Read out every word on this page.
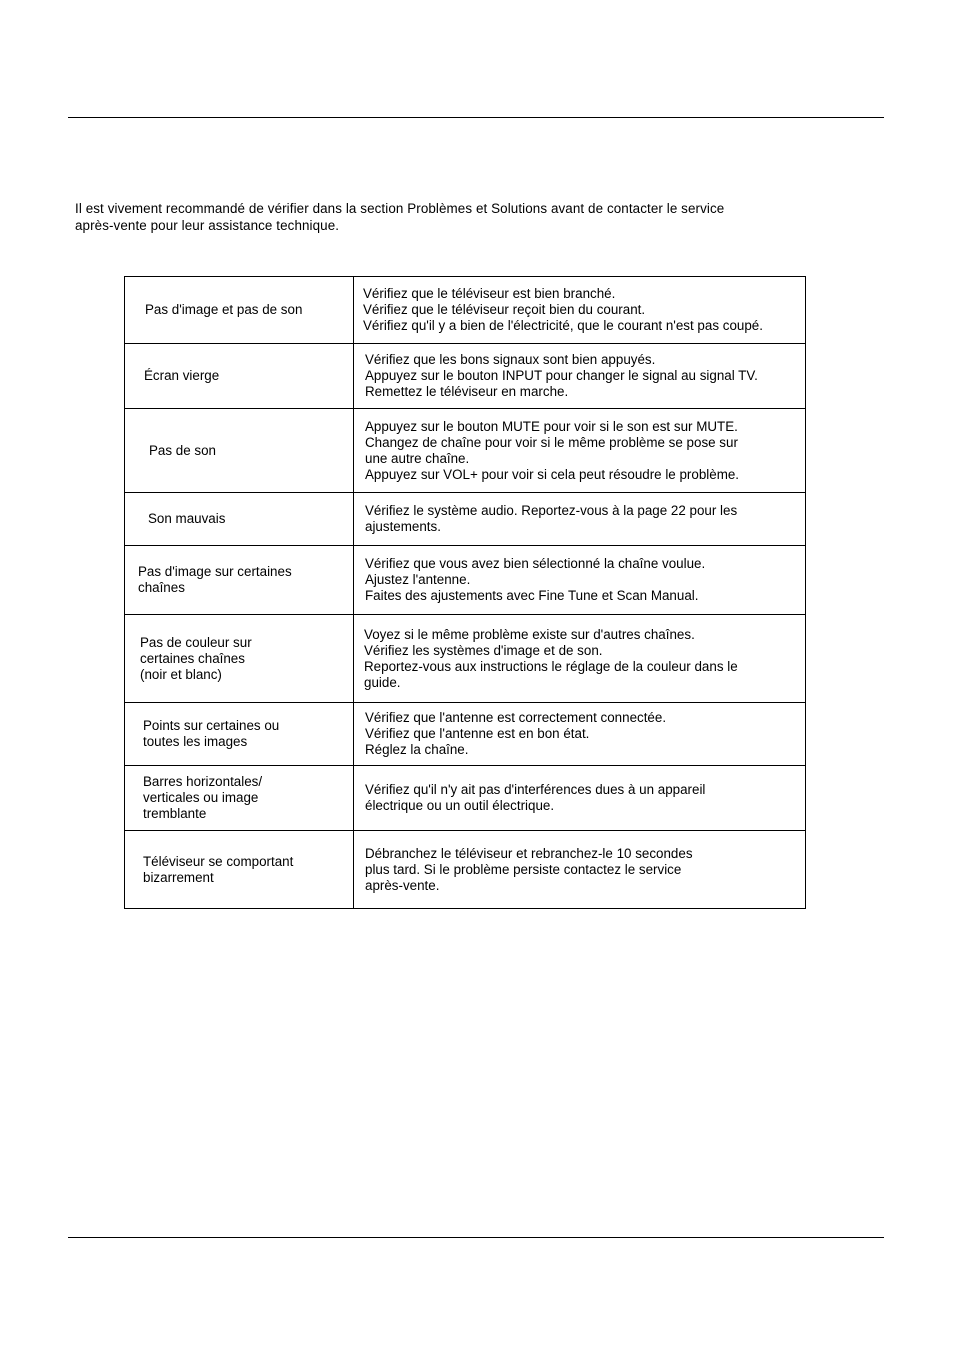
Il est vivement recommandé de vérifier dans la section Problèmes et Solutions avant de contacter le service
après-vente pour leur assistance technique.
Pas d'image et pas de son	Vérifiez que le téléviseur est bien branché.
Vérifiez que le téléviseur reçoit bien du courant.
Vérifiez qu'il y a bien de l'électricité, que le courant n'est pas coupé.

Écran vierge	Vérifiez que les bons signaux sont bien appuyés.
Appuyez sur le bouton INPUT pour changer le signal au signal TV.
Remettez le téléviseur en marche.

Pas de son	Appuyez sur le bouton MUTE pour voir si le son est sur MUTE.
Changez de chaîne pour voir si le même problème se pose sur
une autre chaîne.
Appuyez sur VOL+ pour voir si cela peut résoudre le problème.

Son mauvais	Vérifiez le système audio. Reportez-vous à la page 22 pour les
ajustements.

Pas d'image sur certaines
chaînes	Vérifiez que vous avez bien sélectionné la chaîne voulue.
Ajustez l'antenne.
Faites des ajustements avec Fine Tune et Scan Manual.

Pas de couleur sur
certaines chaînes
(noir et blanc)	Voyez si le même problème existe sur d'autres chaînes.
Vérifiez les systèmes d'image et de son.
Reportez-vous aux instructions le réglage de la couleur dans le
guide.

Points sur certaines ou
toutes les images	Vérifiez que l'antenne est correctement connectée.
Vérifiez que l'antenne est en bon état.
Réglez la chaîne.

Barres horizontales/
verticales ou image
tremblante	Vérifiez qu'il n'y ait pas d'interférences dues à un appareil
électrique ou un outil électrique.

Téléviseur se comportant
bizarrement	Débranchez le téléviseur et rebranchez-le 10 secondes
plus tard. Si le problème persiste contactez le service
après-vente.
